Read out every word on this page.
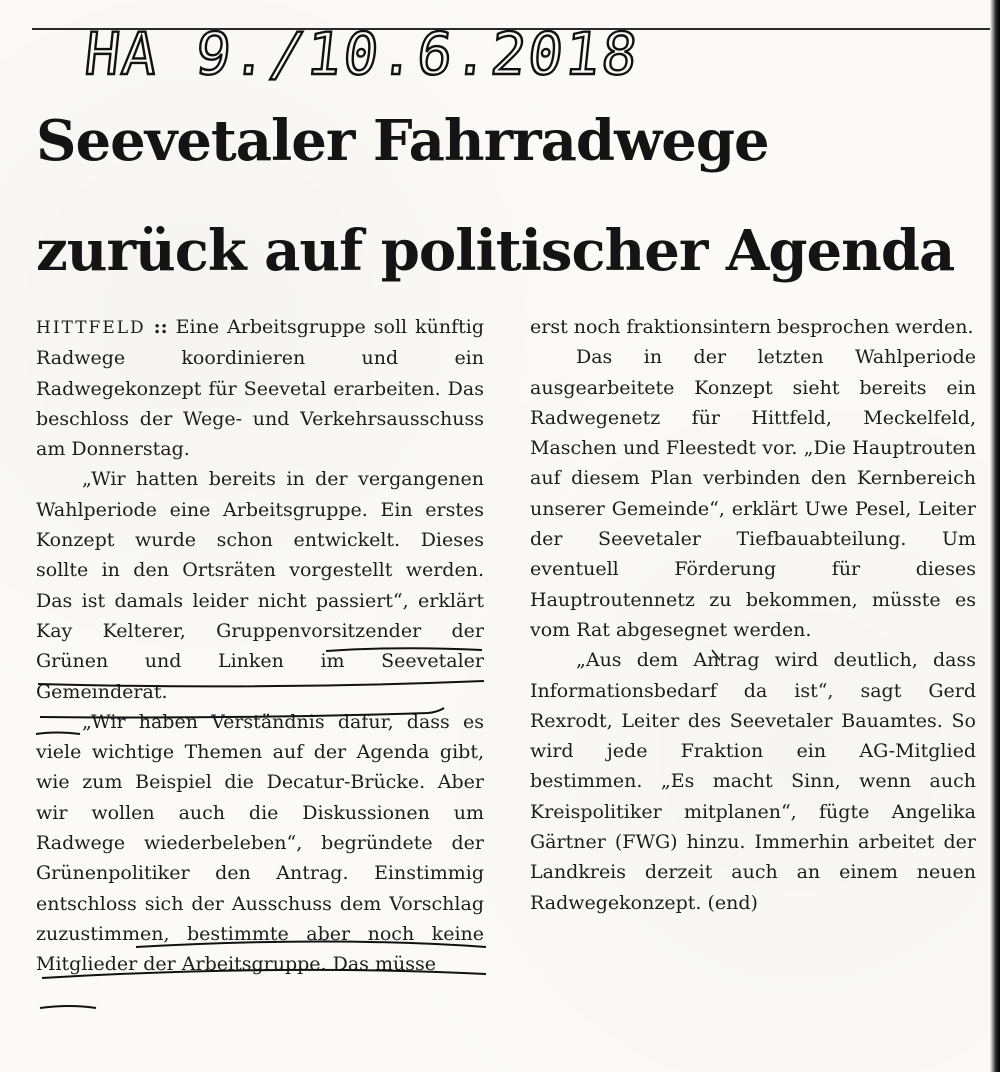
HA 9./10.6.2018
Seevetaler Fahrradwege
zurück auf politischer Agenda

HITTFELD :: Eine Arbeitsgruppe soll künftig Radwege koordinieren und ein Radwegekonzept für Seevetal erarbeiten. Das beschloss der Wege- und Verkehrsausschuss am Donnerstag.

„Wir hatten bereits in der vergangenen Wahlperiode eine Arbeitsgruppe. Ein erstes Konzept wurde schon entwickelt. Dieses sollte in den Ortsräten vorgestellt werden. Das ist damals leider nicht passiert“, erklärt Kay Kelterer, Gruppenvorsitzender der Grünen und Linken im Seevetaler Gemeinderat.

„Wir haben Verständnis dafür, dass es viele wichtige Themen auf der Agenda gibt, wie zum Beispiel die Decatur-Brücke. Aber wir wollen auch die Diskussionen um Radwege wiederbeleben“, begründete der Grünenpolitiker den Antrag. Einstimmig entschloss sich der Ausschuss dem Vorschlag zuzustimmen, bestimmte aber noch keine Mitglieder der Arbeitsgruppe. Das müsse

erst noch fraktionsintern besprochen werden.

Das in der letzten Wahlperiode ausgearbeitete Konzept sieht bereits ein Radwegenetz für Hittfeld, Meckelfeld, Maschen und Fleestedt vor. „Die Hauptrouten auf diesem Plan verbinden den Kernbereich unserer Gemeinde“, erklärt Uwe Pesel, Leiter der Seevetaler Tiefbauabteilung. Um eventuell Förderung für dieses Hauptroutennetz zu bekommen, müsste es vom Rat abgesegnet werden.

„Aus dem Antrag wird deutlich, dass Informationsbedarf da ist“, sagt Gerd Rexrodt, Leiter des Seevetaler Bauamtes. So wird jede Fraktion ein AG-Mitglied bestimmen. „Es macht Sinn, wenn auch Kreispolitiker mitplanen“, fügte Angelika Gärtner (FWG) hinzu. Immerhin arbeitet der Landkreis derzeit auch an einem neuen Radwegekonzept. (end)
